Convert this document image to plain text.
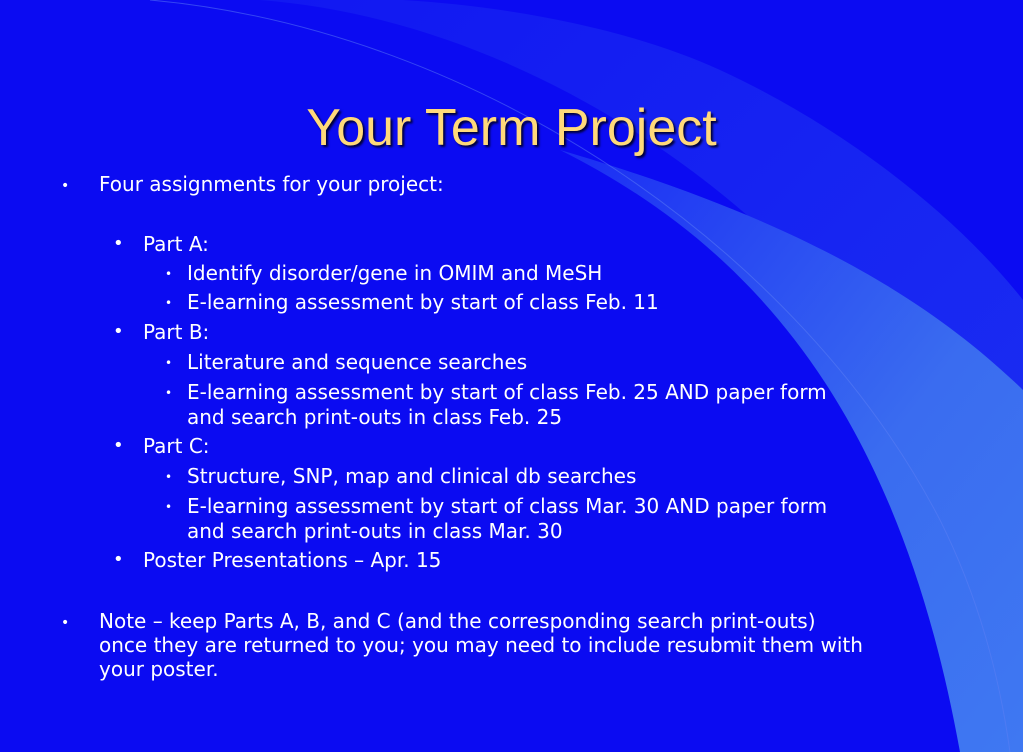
Your Term Project
• Four assignments for your project:

• Part A:

• Identify disorder/gene in OMIM and MeSH

• E-learning assessment by start of class Feb. 11

• Part B:

• Literature and sequence searches

• E-learning assessment by start of class Feb. 25 AND paper form

and search print-outs in class Feb. 25

• Part C:

• Structure, SNP, map and clinical db searches

• E-learning assessment by start of class Mar. 30 AND paper form

and search print-outs in class Mar. 30

• Poster Presentations – Apr. 15

• Note – keep Parts A, B, and C (and the corresponding search print-outs)

once they are returned to you; you may need to include resubmit them with

your poster.
